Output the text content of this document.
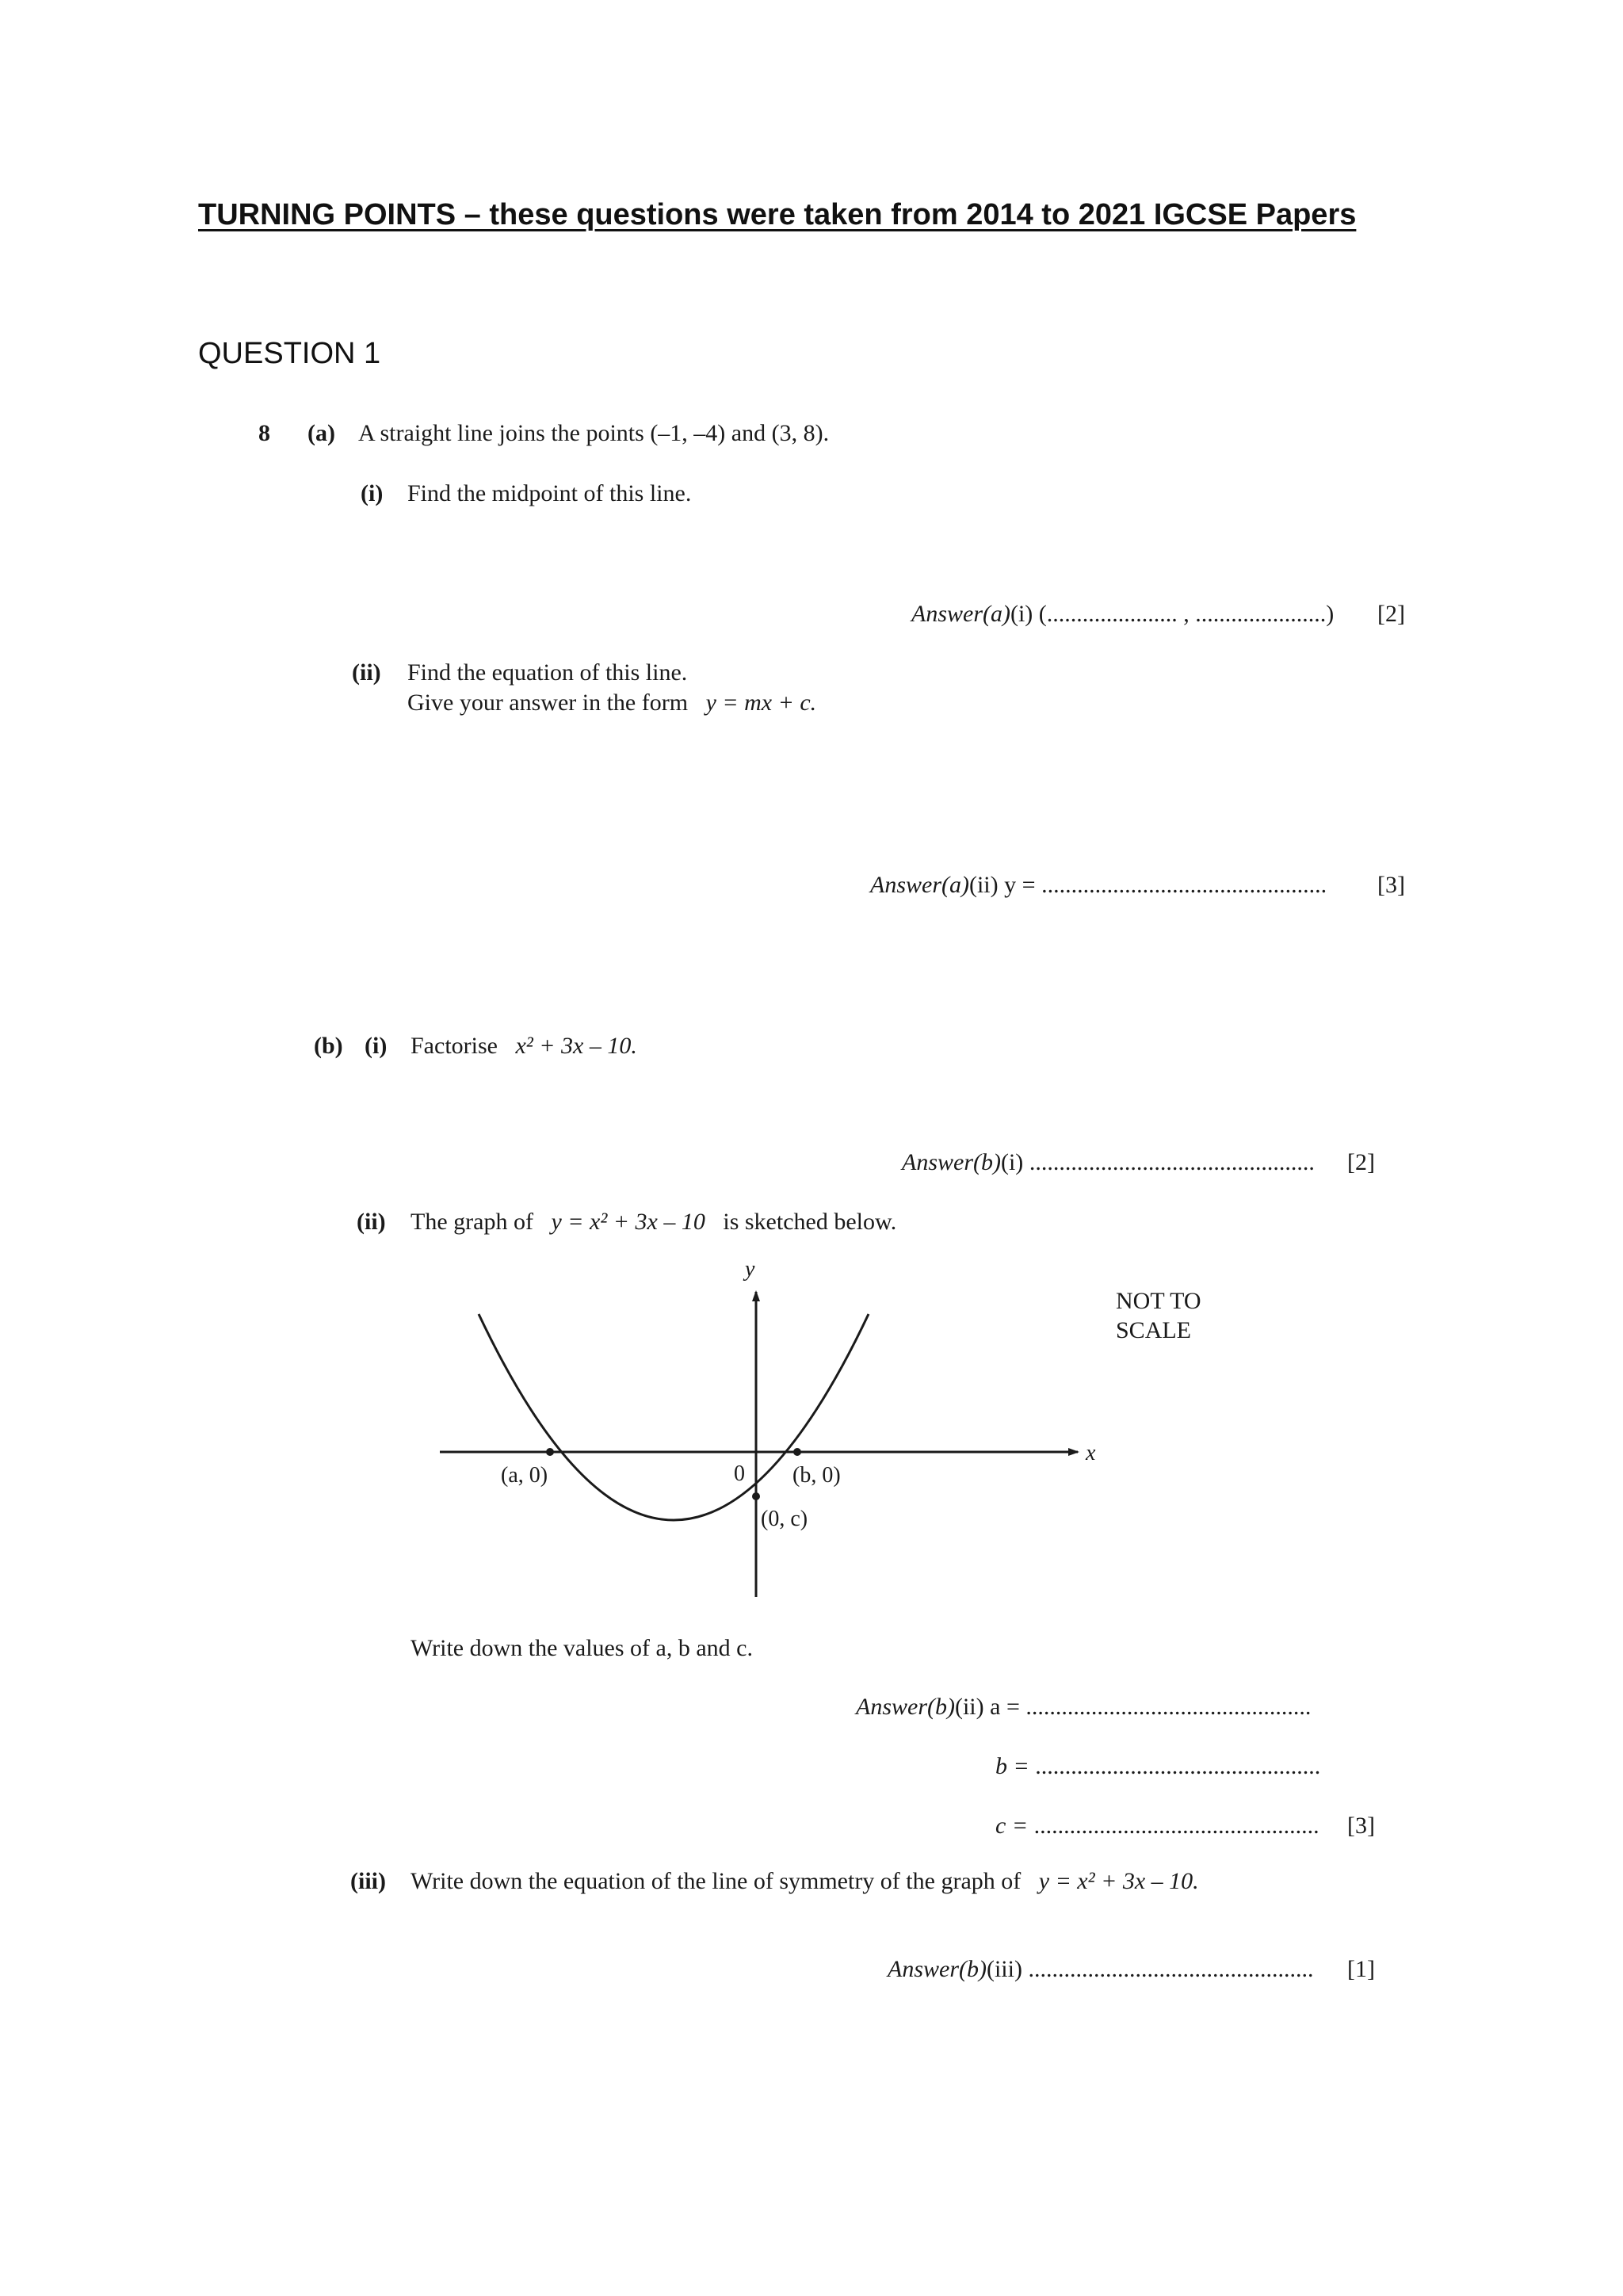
TURNING POINTS – these questions were taken from 2014 to 2021 IGCSE Papers
QUESTION 1
8 (a) A straight line joins the points (–1, –4) and (3, 8).
(i) Find the midpoint of this line.
Answer(a)(i) (...................... , ......................) [2]
(ii) Find the equation of this line.
Give your answer in the form y = mx + c.
Answer(a)(ii) y = ................................................ [3]
(b) (i) Factorise x² + 3x – 10.
Answer(b)(i) ................................................ [2]
(ii) The graph of y = x² + 3x – 10 is sketched below.
y
x
0
(a, 0)	(b, 0)
(0, c)
NOT TO
SCALE
Write down the values of a, b and c.
Answer(b)(ii) a = ................................................
b = ................................................
c = ................................................ [3]
(iii) Write down the equation of the line of symmetry of the graph of y = x² + 3x – 10.
Answer(b)(iii) ................................................ [1]
